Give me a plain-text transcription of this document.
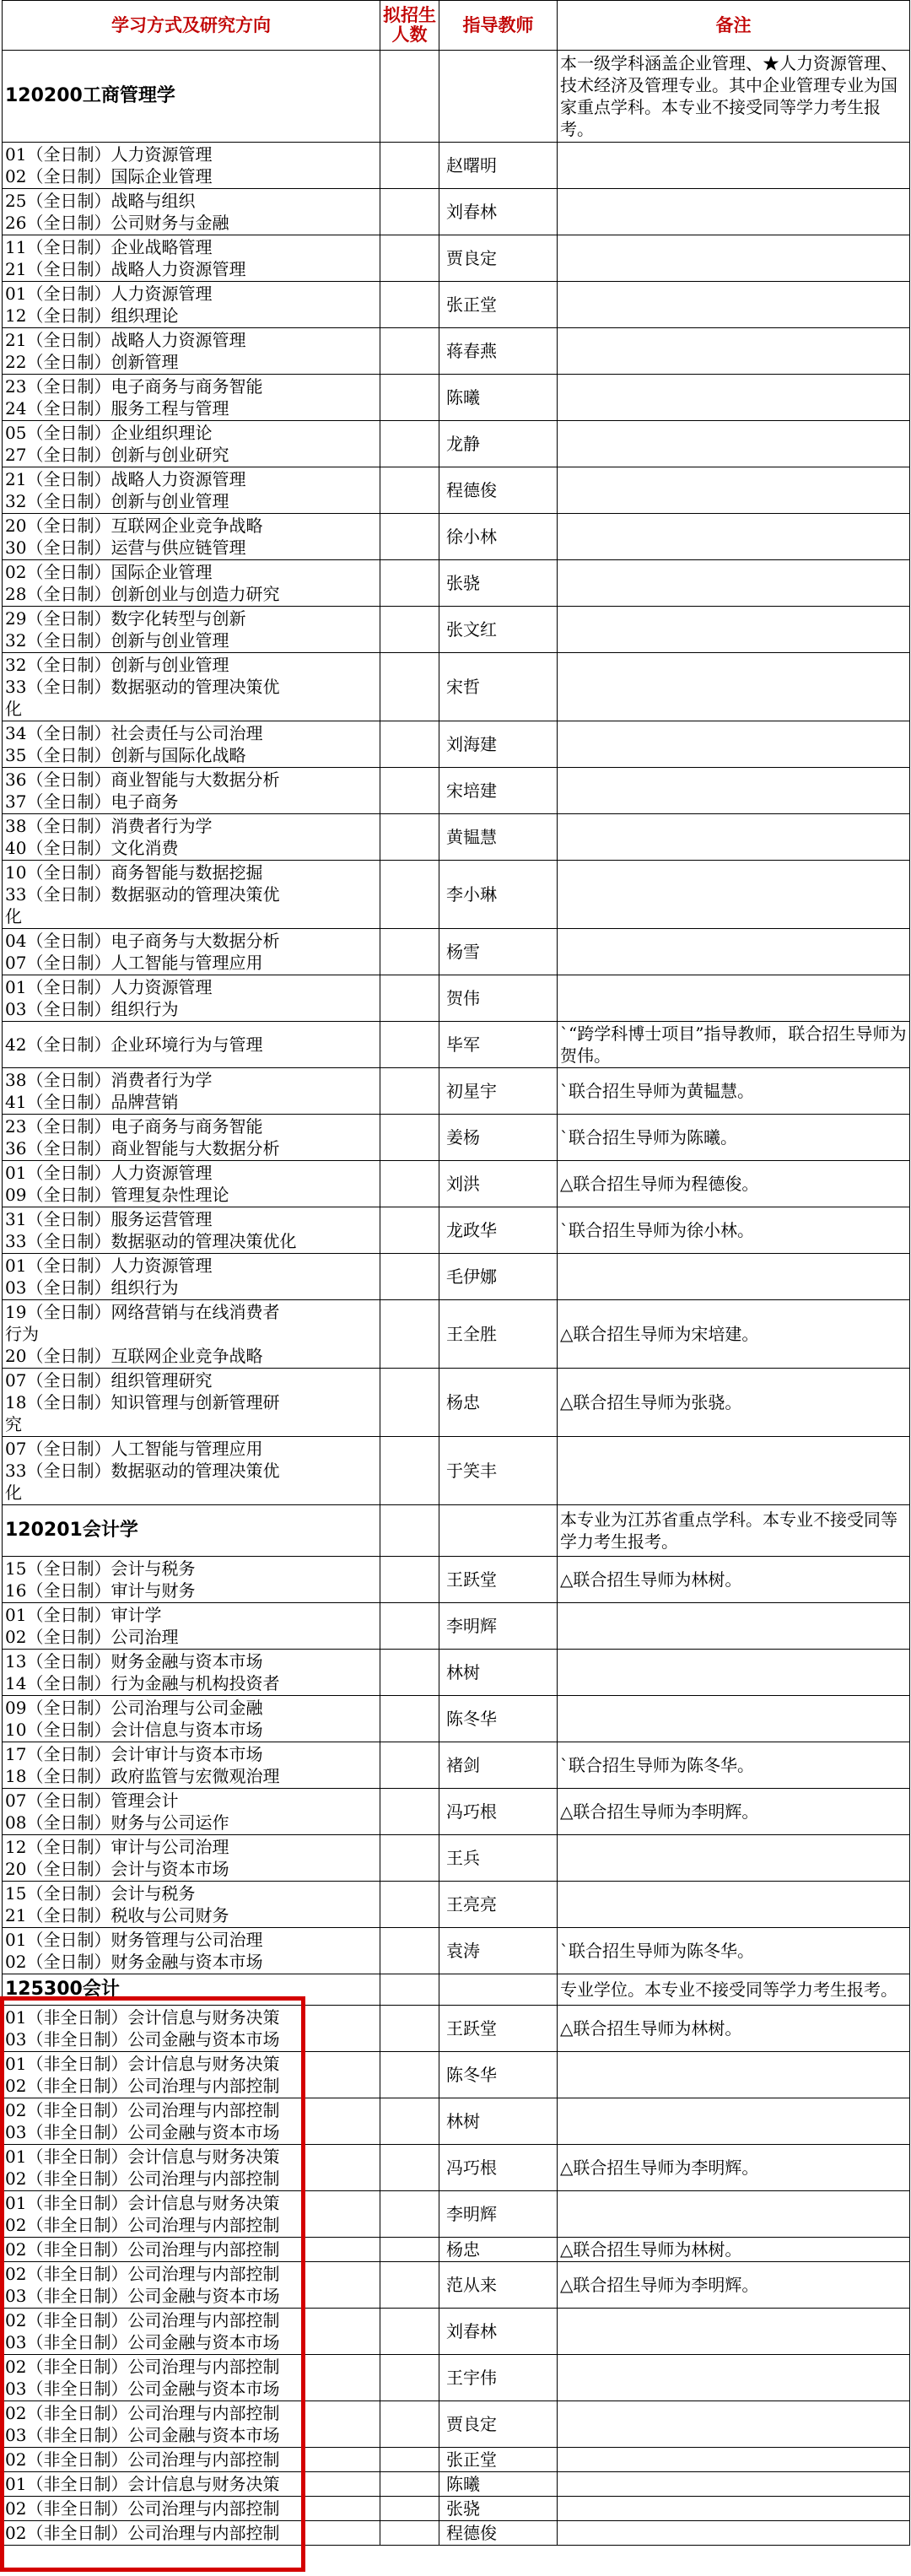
学习方式及研究方向	拟招生人数	指导教师	备注
120200工商管理学			本一级学科涵盖企业管理、★人力资源管理、技术经济及管理专业。其中企业管理专业为国家重点学科。本专业不接受同等学力考生报考。

01（全日制）人力资源管理
02（全日制）国际企业管理		赵曙明	

25（全日制）战略与组织
26（全日制）公司财务与金融		刘春林	

11（全日制）企业战略管理
21（全日制）战略人力资源管理		贾良定	

01（全日制）人力资源管理
12（全日制）组织理论		张正堂	

21（全日制）战略人力资源管理
22（全日制）创新管理		蒋春燕	

23（全日制）电子商务与商务智能
24（全日制）服务工程与管理		陈曦	

05（全日制）企业组织理论
27（全日制）创新与创业研究		龙静	

21（全日制）战略人力资源管理
32（全日制）创新与创业管理		程德俊	

20（全日制）互联网企业竞争战略
30（全日制）运营与供应链管理		徐小林	

02（全日制）国际企业管理
28（全日制）创新创业与创造力研究		张骁	

29（全日制）数字化转型与创新
32（全日制）创新与创业管理		张文红	

32（全日制）创新与创业管理
33（全日制）数据驱动的管理决策优
化		宋哲	

34（全日制）社会责任与公司治理
35（全日制）创新与国际化战略		刘海建	

36（全日制）商业智能与大数据分析
37（全日制）电子商务		宋培建	

38（全日制）消费者行为学
40（全日制）文化消费		黄韫慧	

10（全日制）商务智能与数据挖掘
33（全日制）数据驱动的管理决策优
化		李小琳	

04（全日制）电子商务与大数据分析
07（全日制）人工智能与管理应用		杨雪	

01（全日制）人力资源管理
03（全日制）组织行为		贺伟	

42（全日制）企业环境行为与管理		毕军	`“跨学科博士项目”指导教师，联合招生导师为贺伟。

38（全日制）消费者行为学
41（全日制）品牌营销		初星宇	`联合招生导师为黄韫慧。

23（全日制）电子商务与商务智能
36（全日制）商业智能与大数据分析		姜杨	`联合招生导师为陈曦。

01（全日制）人力资源管理
09（全日制）管理复杂性理论		刘洪	△联合招生导师为程德俊。

31（全日制）服务运营管理
33（全日制）数据驱动的管理决策优化		龙政华	`联合招生导师为徐小林。

01（全日制）人力资源管理
03（全日制）组织行为		毛伊娜	

19（全日制）网络营销与在线消费者
行为
20（全日制）互联网企业竞争战略		王全胜	△联合招生导师为宋培建。

07（全日制）组织管理研究
18（全日制）知识管理与创新管理研
究		杨忠	△联合招生导师为张骁。

07（全日制）人工智能与管理应用
33（全日制）数据驱动的管理决策优
化		于笑丰	
120201会计学			本专业为江苏省重点学科。本专业不接受同等学力考生报考。

15（全日制）会计与税务
16（全日制）审计与财务		王跃堂	△联合招生导师为林树。

01（全日制）审计学
02（全日制）公司治理		李明辉	

13（全日制）财务金融与资本市场
14（全日制）行为金融与机构投资者		林树	

09（全日制）公司治理与公司金融
10（全日制）会计信息与资本市场		陈冬华	

17（全日制）会计审计与资本市场
18（全日制）政府监管与宏微观治理		褚剑	`联合招生导师为陈冬华。

07（全日制）管理会计
08（全日制）财务与公司运作		冯巧根	△联合招生导师为李明辉。

12（全日制）审计与公司治理
20（全日制）会计与资本市场		王兵	

15（全日制）会计与税务
21（全日制）税收与公司财务		王亮亮	

01（全日制）财务管理与公司治理
02（全日制）财务金融与资本市场		袁涛	`联合招生导师为陈冬华。
125300会计			专业学位。本专业不接受同等学力考生报考。

01（非全日制）会计信息与财务决策
03（非全日制）公司金融与资本市场		王跃堂	△联合招生导师为林树。

01（非全日制）会计信息与财务决策
02（非全日制）公司治理与内部控制		陈冬华	

02（非全日制）公司治理与内部控制
03（非全日制）公司金融与资本市场		林树	

01（非全日制）会计信息与财务决策
02（非全日制）公司治理与内部控制		冯巧根	△联合招生导师为李明辉。

01（非全日制）会计信息与财务决策
02（非全日制）公司治理与内部控制		李明辉	

02（非全日制）公司治理与内部控制		杨忠	△联合招生导师为林树。

02（非全日制）公司治理与内部控制
03（非全日制）公司金融与资本市场		范从来	△联合招生导师为李明辉。

02（非全日制）公司治理与内部控制
03（非全日制）公司金融与资本市场		刘春林	

02（非全日制）公司治理与内部控制
03（非全日制）公司金融与资本市场		王宇伟	

02（非全日制）公司治理与内部控制
03（非全日制）公司金融与资本市场		贾良定	

02（非全日制）公司治理与内部控制		张正堂	

01（非全日制）会计信息与财务决策		陈曦	

02（非全日制）公司治理与内部控制		张骁	

02（非全日制）公司治理与内部控制		程德俊	
